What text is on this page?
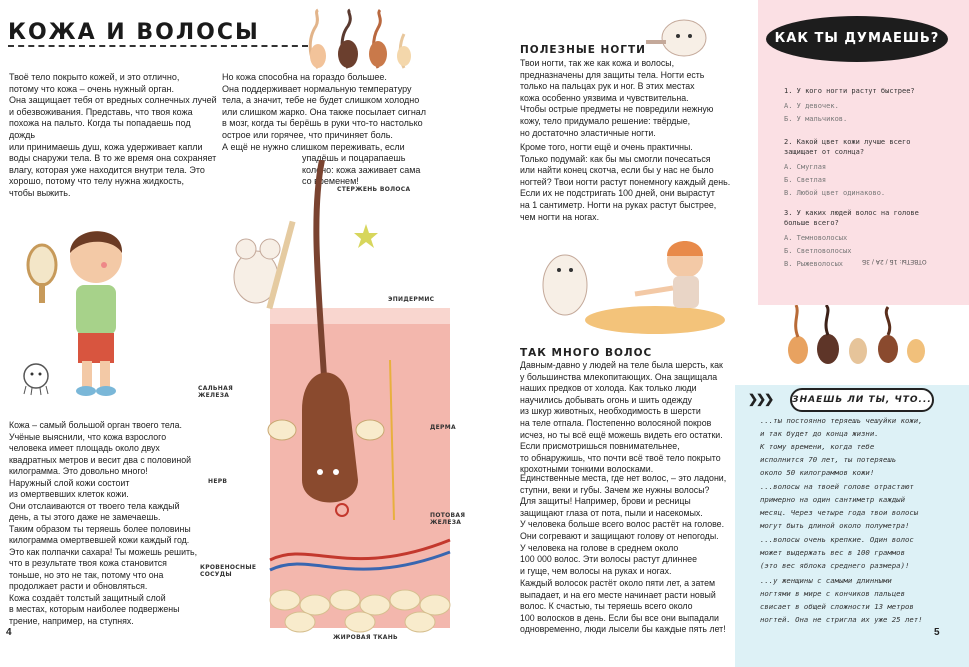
КОЖА И ВОЛОСЫ
Твоё тело покрыто кожей, и это отлично,
потому что кожа – очень нужный орган.
Она защищает тебя от вредных солнечных лучей
и обезвоживания. Представь, что твоя кожа
похожа на пальто. Когда ты попадаешь под дождь
или принимаешь душ, кожа удерживает капли
воды снаружи тела. В то же время она сохраняет
влагу, которая уже находится внутри тела. Это
хорошо, потому что телу нужна жидкость,
чтобы выжить.
Но кожа способна на гораздо большее.
Она поддерживает нормальную температуру
тела, а значит, тебе не будет слишком холодно
или слишком жарко. Она также посылает сигнал
в мозг, когда ты берёшь в руки что-то настолько
острое или горячее, что причиняет боль.
А ещё не нужно слишком переживать, если
упадёшь и поцарапаешь
колено: кожа заживает сама
со временем!
Кожа – самый большой орган твоего тела.
Учёные выяснили, что кожа взрослого
человека имеет площадь около двух
квадратных метров и весит два с половиной
килограмма. Это довольно много!
Наружный слой кожи состоит
из омертвевших клеток кожи.
Они отслаиваются от твоего тела каждый
день, а ты этого даже не замечаешь.
Таким образом ты теряешь более половины
килограмма омертвевшей кожи каждый год.
Это как полпачки сахара! Ты можешь решить,
что в результате твоя кожа становится
тоньше, но это не так, потому что она
продолжает расти и обновляться.
Кожа создаёт толстый защитный слой
в местах, которым наиболее подвержены
трение, например, на ступнях.
СТЕРЖЕНЬ ВОЛОСА
ЭПИДЕРМИС
САЛЬНАЯ
ЖЕЛЕЗА
ДЕРМА
НЕРВ
ПОТОВАЯ
ЖЕЛЕЗА
КРОВЕНОСНЫЕ
СОСУДЫ
ЖИРОВАЯ ТКАНЬ
4
ПОЛЕЗНЫЕ НОГТИ
Твои ногти, так же как кожа и волосы,
предназначены для защиты тела. Ногти есть
только на пальцах рук и ног. В этих местах
кожа особенно уязвима и чувствительна.
Чтобы острые предметы не повредили нежную
кожу, тело придумало решение: твёрдые,
но достаточно эластичные ногти.
Кроме того, ногти ещё и очень практичны.
Только подумай: как бы мы смогли почесаться
или найти конец скотча, если бы у нас не было
ногтей? Твои ногти растут понемногу каждый день.
Если их не подстригать 100 дней, они вырастут
на 1 сантиметр. Ногти на руках растут быстрее,
чем ногти на ногах.
ТАК МНОГО ВОЛОС
Давным-давно у людей на теле была шерсть, как
у большинства млекопитающих. Она защищала
наших предков от холода. Как только люди
научились добывать огонь и шить одежду
из шкур животных, необходимость в шерсти
на теле отпала. Постепенно волосяной покров
исчез, но ты всё ещё можешь видеть его остатки.
Если присмотришься повнимательнее,
то обнаружишь, что почти всё твоё тело покрыто
крохотными тонкими волосками.
Единственные места, где нет волос, – это ладони,
ступни, веки и губы. Зачем же нужны волосы?
Для защиты! Например, брови и ресницы
защищают глаза от пота, пыли и насекомых.
У человека больше всего волос растёт на голове.
Они согревают и защищают голову от непогоды.
У человека на голове в среднем около
100 000 волос. Эти волосы растут длиннее
и гуще, чем волосы на руках и ногах.
Каждый волосок растёт около пяти лет, а затем
выпадает, и на его месте начинает расти новый
волос. К счастью, ты теряешь всего около
100 волосков в день. Если бы все они выпадали
одновременно, люди лысели бы каждые пять лет!
КАК ТЫ ДУМАЕШЬ?
1. У кого ногти растут быстрее?
А. У девочек.
Б. У мальчиков.
2. Какой цвет кожи лучше всего
защищает от солнца?
А. Смуглая
Б. Светлая
В. Любой цвет одинаково.
3. У каких людей волос на голове
больше всего?
А. Темноволосых
Б. Светловолосых
В. Рыжеволосых	ОТВЕТЫ: 1Б / 2А / 3Б
❯❯❯ ЗНАЕШЬ ЛИ ТЫ, ЧТО...
...ты постоянно теряешь чешуйки кожи,
и так будет до конца жизни.
К тому времени, когда тебе
исполнится 70 лет, ты потеряешь
около 50 килограммов кожи!
...волосы на твоей голове отрастают
примерно на один сантиметр каждый
месяц. Через четыре года твои волосы
могут быть длиной около полуметра!
...волосы очень крепкие. Один волос
может выдержать вес в 100 граммов
(это вес яблока среднего размера)!
...у женщины с самыми длинными
ногтями в мире с кончиков пальцев
свисает в общей сложности 13 метров
ногтей. Она не стригла их уже 25 лет!
5
